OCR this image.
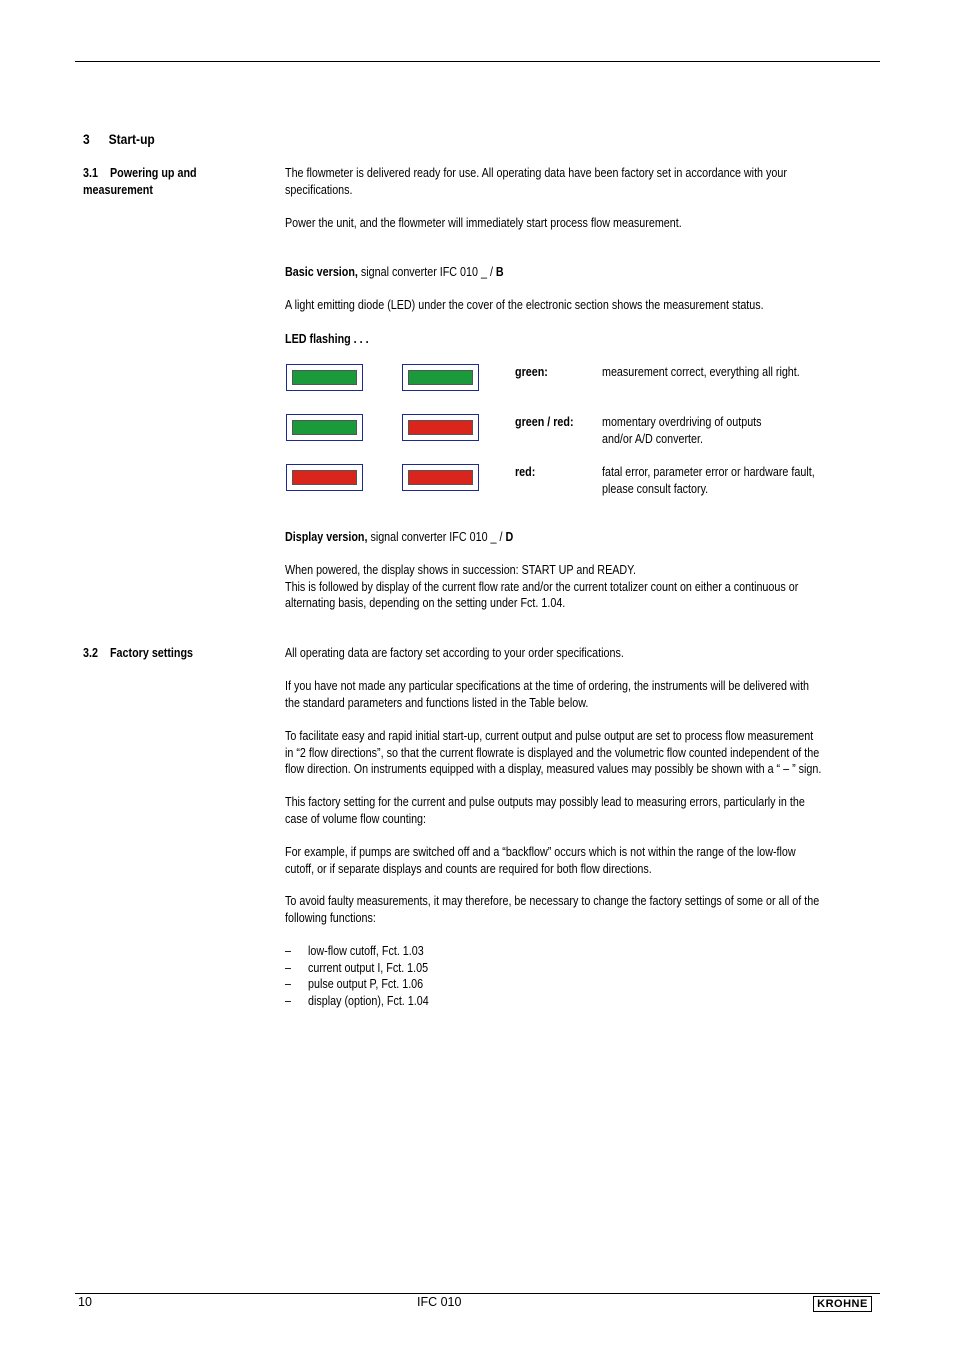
3 Start-up
3.1 Powering up and
measurement
The flowmeter is delivered ready for use. All operating data have been factory set in accordance with your
specifications.
Power the unit, and the flowmeter will immediately start process flow measurement.
Basic version, signal converter IFC 010 _ / B
A light emitting diode (LED) under the cover of the electronic section shows the measurement status.
LED flashing . . .
green:	measurement correct, everything all right.
green / red: momentary overdriving of outputs
and/or A/D converter.
red:	fatal error, parameter error or hardware fault,
please consult factory.
Display version, signal converter IFC 010 _ / D
When powered, the display shows in succession: START UP and READY.
This is followed by display of the current flow rate and/or the current totalizer count on either a continuous or
alternating basis, depending on the setting under Fct. 1.04.
3.2 Factory settings	All operating data are factory set according to your order specifications.
If you have not made any particular specifications at the time of ordering, the instruments will be delivered with
the standard parameters and functions listed in the Table below.
To facilitate easy and rapid initial start-up, current output and pulse output are set to process flow measurement
in “2 flow directions”, so that the current flowrate is displayed and the volumetric flow counted independent of the
flow direction. On instruments equipped with a display, measured values may possibly be shown with a “ – ” sign.
This factory setting for the current and pulse outputs may possibly lead to measuring errors, particularly in the
case of volume flow counting:
For example, if pumps are switched off and a “backflow” occurs which is not within the range of the low-flow
cutoff, or if separate displays and counts are required for both flow directions.
To avoid faulty measurements, it may therefore, be necessary to change the factory settings of some or all of the
following functions:
– low-flow cutoff, Fct. 1.03
– current output I, Fct. 1.05
– pulse output P, Fct. 1.06
– display (option), Fct. 1.04
10	IFC 010	KROHNE
